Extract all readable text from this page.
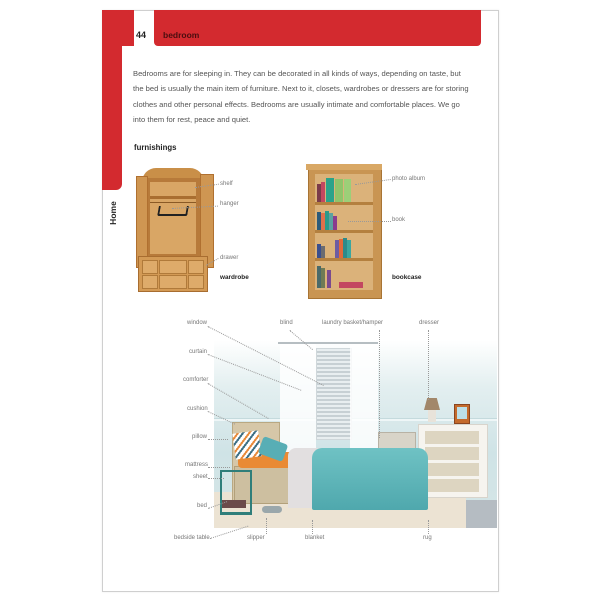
44 bedroom
Home
Bedrooms are for sleeping in. They can be decorated in all kinds of ways, depending on taste, but the bed is usually the main item of furniture. Next to it, closets, wardrobes or dressers are for storing clothes and other personal effects. Bedrooms are usually intimate and comfortable places. We go into them for rest, peace and quiet.
furnishings
shelf
hanger
drawer
wardrobe
photo album
book
bookcase
window	blind	laundry basket/hamper	dresser
curtain
comforter
cushion
pillow
mattress
sheet
bed
bedside table	slipper	blanket	rug
